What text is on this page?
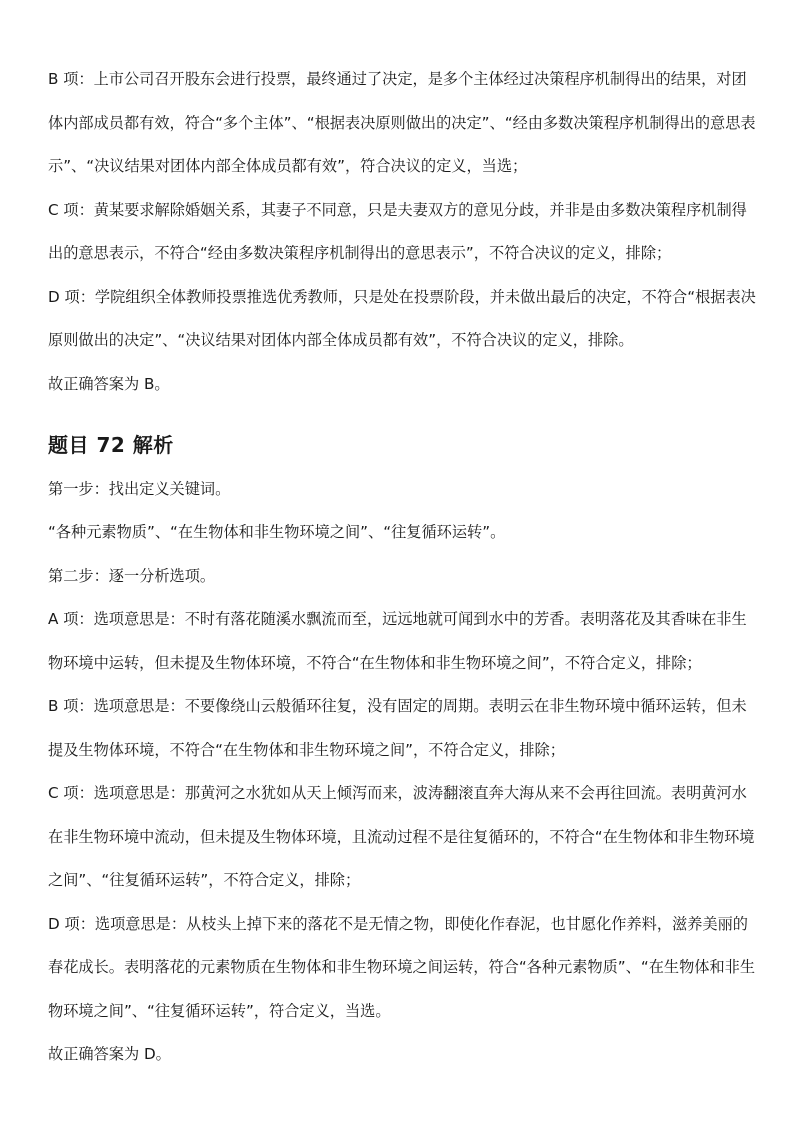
B 项：上市公司召开股东会进行投票，最终通过了决定，是多个主体经过决策程序机制得出的结果，对团体内部成员都有效，符合“多个主体”、“根据表决原则做出的决定”、“经由多数决策程序机制得出的意思表示”、“决议结果对团体内部全体成员都有效”，符合决议的定义，当选；

C 项：黄某要求解除婚姻关系，其妻子不同意，只是夫妻双方的意见分歧，并非是由多数决策程序机制得出的意思表示，不符合“经由多数决策程序机制得出的意思表示”，不符合决议的定义，排除；

D 项：学院组织全体教师投票推选优秀教师，只是处在投票阶段，并未做出最后的决定，不符合“根据表决原则做出的决定”、“决议结果对团体内部全体成员都有效”，不符合决议的定义，排除。

故正确答案为 B。

题目 72 解析

第一步：找出定义关键词。

“各种元素物质”、“在生物体和非生物环境之间”、“往复循环运转”。

第二步：逐一分析选项。

A 项：选项意思是：不时有落花随溪水飘流而至，远远地就可闻到水中的芳香。表明落花及其香味在非生物环境中运转，但未提及生物体环境，不符合“在生物体和非生物环境之间”，不符合定义，排除；

B 项：选项意思是：不要像绕山云般循环往复，没有固定的周期。表明云在非生物环境中循环运转，但未提及生物体环境，不符合“在生物体和非生物环境之间”，不符合定义，排除；

C 项：选项意思是：那黄河之水犹如从天上倾泻而来，波涛翻滚直奔大海从来不会再往回流。表明黄河水在非生物环境中流动，但未提及生物体环境，且流动过程不是往复循环的，不符合“在生物体和非生物环境之间”、“往复循环运转”，不符合定义，排除；

D 项：选项意思是：从枝头上掉下来的落花不是无情之物，即使化作春泥，也甘愿化作养料，滋养美丽的春花成长。表明落花的元素物质在生物体和非生物环境之间运转，符合“各种元素物质”、“在生物体和非生物环境之间”、“往复循环运转”，符合定义，当选。

故正确答案为 D。
